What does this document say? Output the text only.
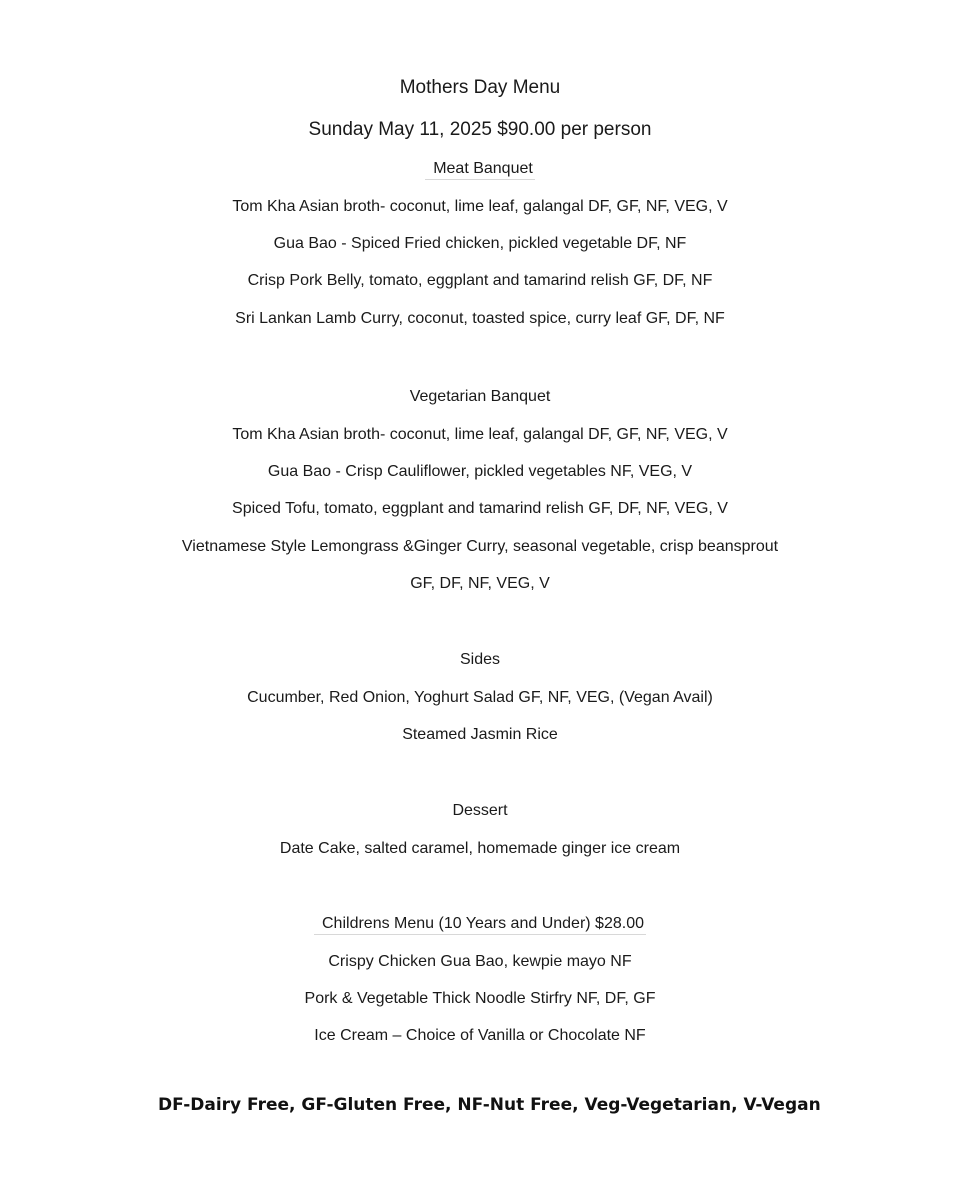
Mothers Day Menu
Sunday May 11, 2025 $90.00 per person
Meat Banquet
Tom Kha Asian broth- coconut, lime leaf, galangal DF, GF, NF, VEG, V
Gua Bao - Spiced Fried chicken, pickled vegetable DF, NF
Crisp Pork Belly, tomato, eggplant and tamarind relish GF, DF, NF
Sri Lankan Lamb Curry, coconut, toasted spice, curry leaf GF, DF, NF
Vegetarian Banquet
Tom Kha Asian broth- coconut, lime leaf, galangal DF, GF, NF, VEG, V
Gua Bao - Crisp Cauliflower, pickled vegetables NF, VEG, V
Spiced Tofu, tomato, eggplant and tamarind relish GF, DF, NF, VEG, V
Vietnamese Style Lemongrass &Ginger Curry, seasonal vegetable, crisp beansprout
GF, DF, NF, VEG, V
Sides
Cucumber, Red Onion, Yoghurt Salad GF, NF, VEG, (Vegan Avail)
Steamed Jasmin Rice
Dessert
Date Cake, salted caramel, homemade ginger ice cream
Childrens Menu (10 Years and Under) $28.00
Crispy Chicken Gua Bao, kewpie mayo NF
Pork & Vegetable Thick Noodle Stirfry NF, DF, GF
Ice Cream – Choice of Vanilla or Chocolate NF
DF-Dairy Free, GF-Gluten Free, NF-Nut Free, Veg-Vegetarian, V-Vegan
